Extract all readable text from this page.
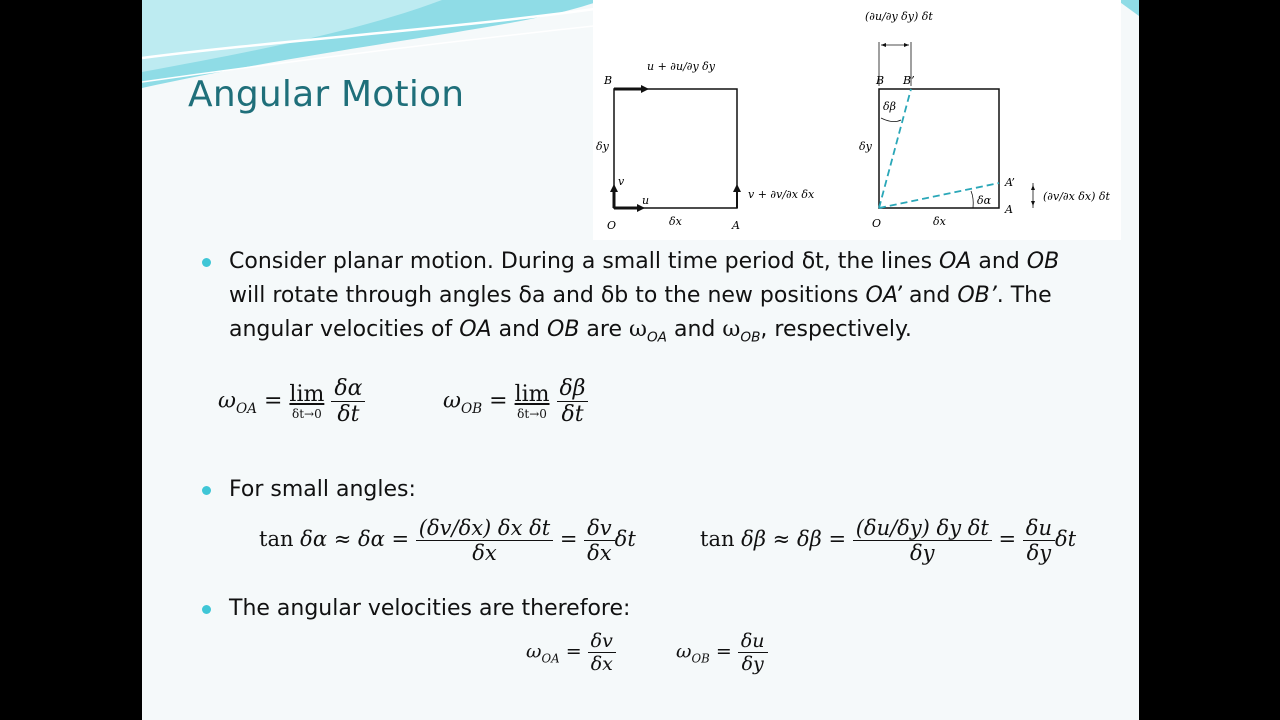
Angular Motion	B
O	A
δy
δx
u
v
u + ∂u/∂y δy
v + ∂v/∂x δx
B B’
O
A
A’
δy
δx
δβ
δα
(∂u/∂y δy) δt
(∂v/∂x δx) δt
Consider planar motion. During a small time period δt, the lines OA and OB will rotate through angles δa and δb to the new positions OA’ and OB’. The angular velocities of OA and OB are $\omega_{OA}$ and $\omega_{OB}$, respectively.
$\omega_{OA} = \frac{\lim}{\delta t\to 0}$
$\frac{\delta\alpha}{\delta t}$	$\omega_{OB} = \frac{\lim}{\delta t\to 0}$
$\frac{\delta\beta}{\delta t}$
For small angles:
$\tan \delta\alpha \approx \delta\alpha = \frac{\text{(δv/δx) δx δt}}{\delta x} = \frac{\delta v}{\delta x}$ δt	$\tan \delta\beta \approx \delta\beta = \frac{\text{(δu/δy) δy δt}}{\delta y} = \frac{\delta u}{\delta y}$ δt
The angular velocities are therefore:
$\omega_{OA} = \frac{\delta v}{\delta x}$	$\omega_{OB} = \frac{\delta u}{\delta y}$
